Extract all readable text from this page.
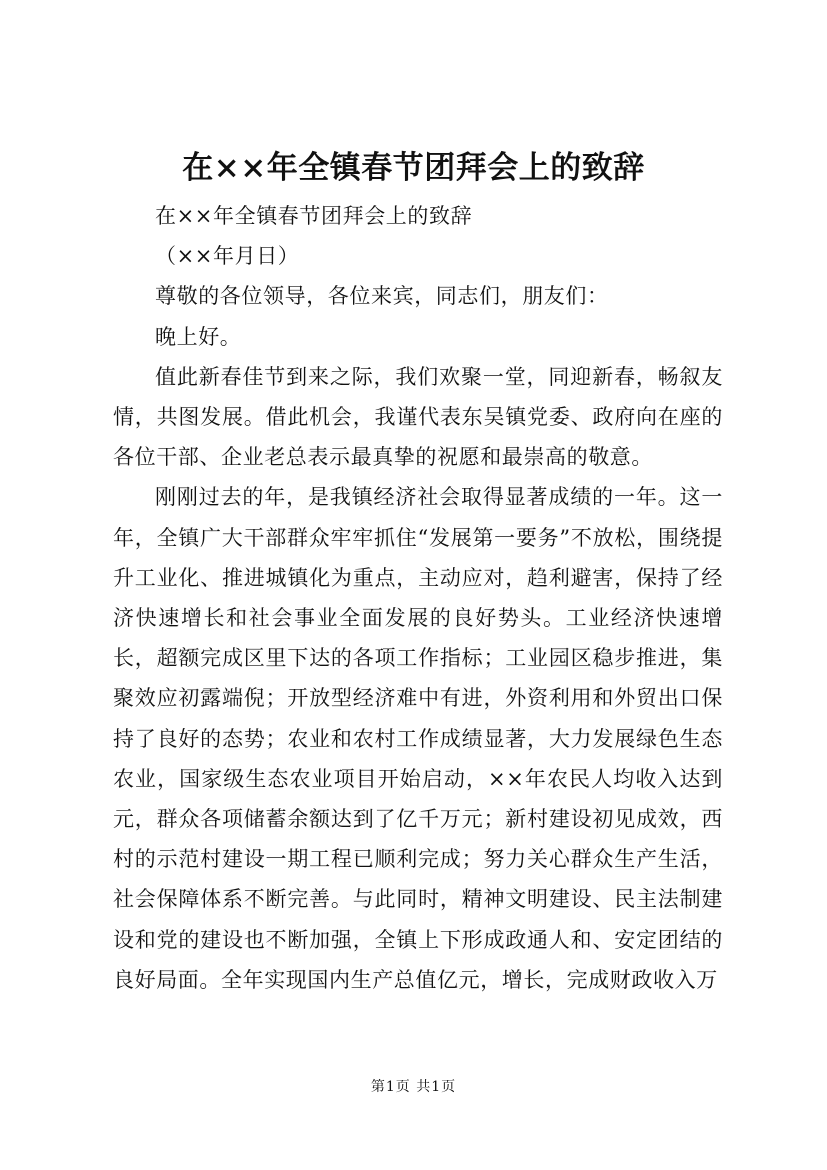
在××年全镇春节团拜会上的致辞

在××年全镇春节团拜会上的致辞

（××年月日）

尊敬的各位领导，各位来宾，同志们，朋友们：

晚上好。

值此新春佳节到来之际，我们欢聚一堂，同迎新春，畅叙友情，共图发展。借此机会，我谨代表东吴镇党委、政府向在座的各位干部、企业老总表示最真挚的祝愿和最崇高的敬意。

刚刚过去的年，是我镇经济社会取得显著成绩的一年。这一年，全镇广大干部群众牢牢抓住“发展第一要务”不放松，围绕提升工业化、推进城镇化为重点，主动应对，趋利避害，保持了经济快速增长和社会事业全面发展的良好势头。工业经济快速增长，超额完成区里下达的各项工作指标；工业园区稳步推进，集聚效应初露端倪；开放型经济难中有进，外资利用和外贸出口保持了良好的态势；农业和农村工作成绩显著，大力发展绿色生态农业，国家级生态农业项目开始启动，××年农民人均收入达到元，群众各项储蓄余额达到了亿千万元；新村建设初见成效，西村的示范村建设一期工程已顺利完成；努力关心群众生产生活，社会保障体系不断完善。与此同时，精神文明建设、民主法制建设和党的建设也不断加强，全镇上下形成政通人和、安定团结的良好局面。全年实现国内生产总值亿元，增长，完成财政收入万

第1页 共1页
